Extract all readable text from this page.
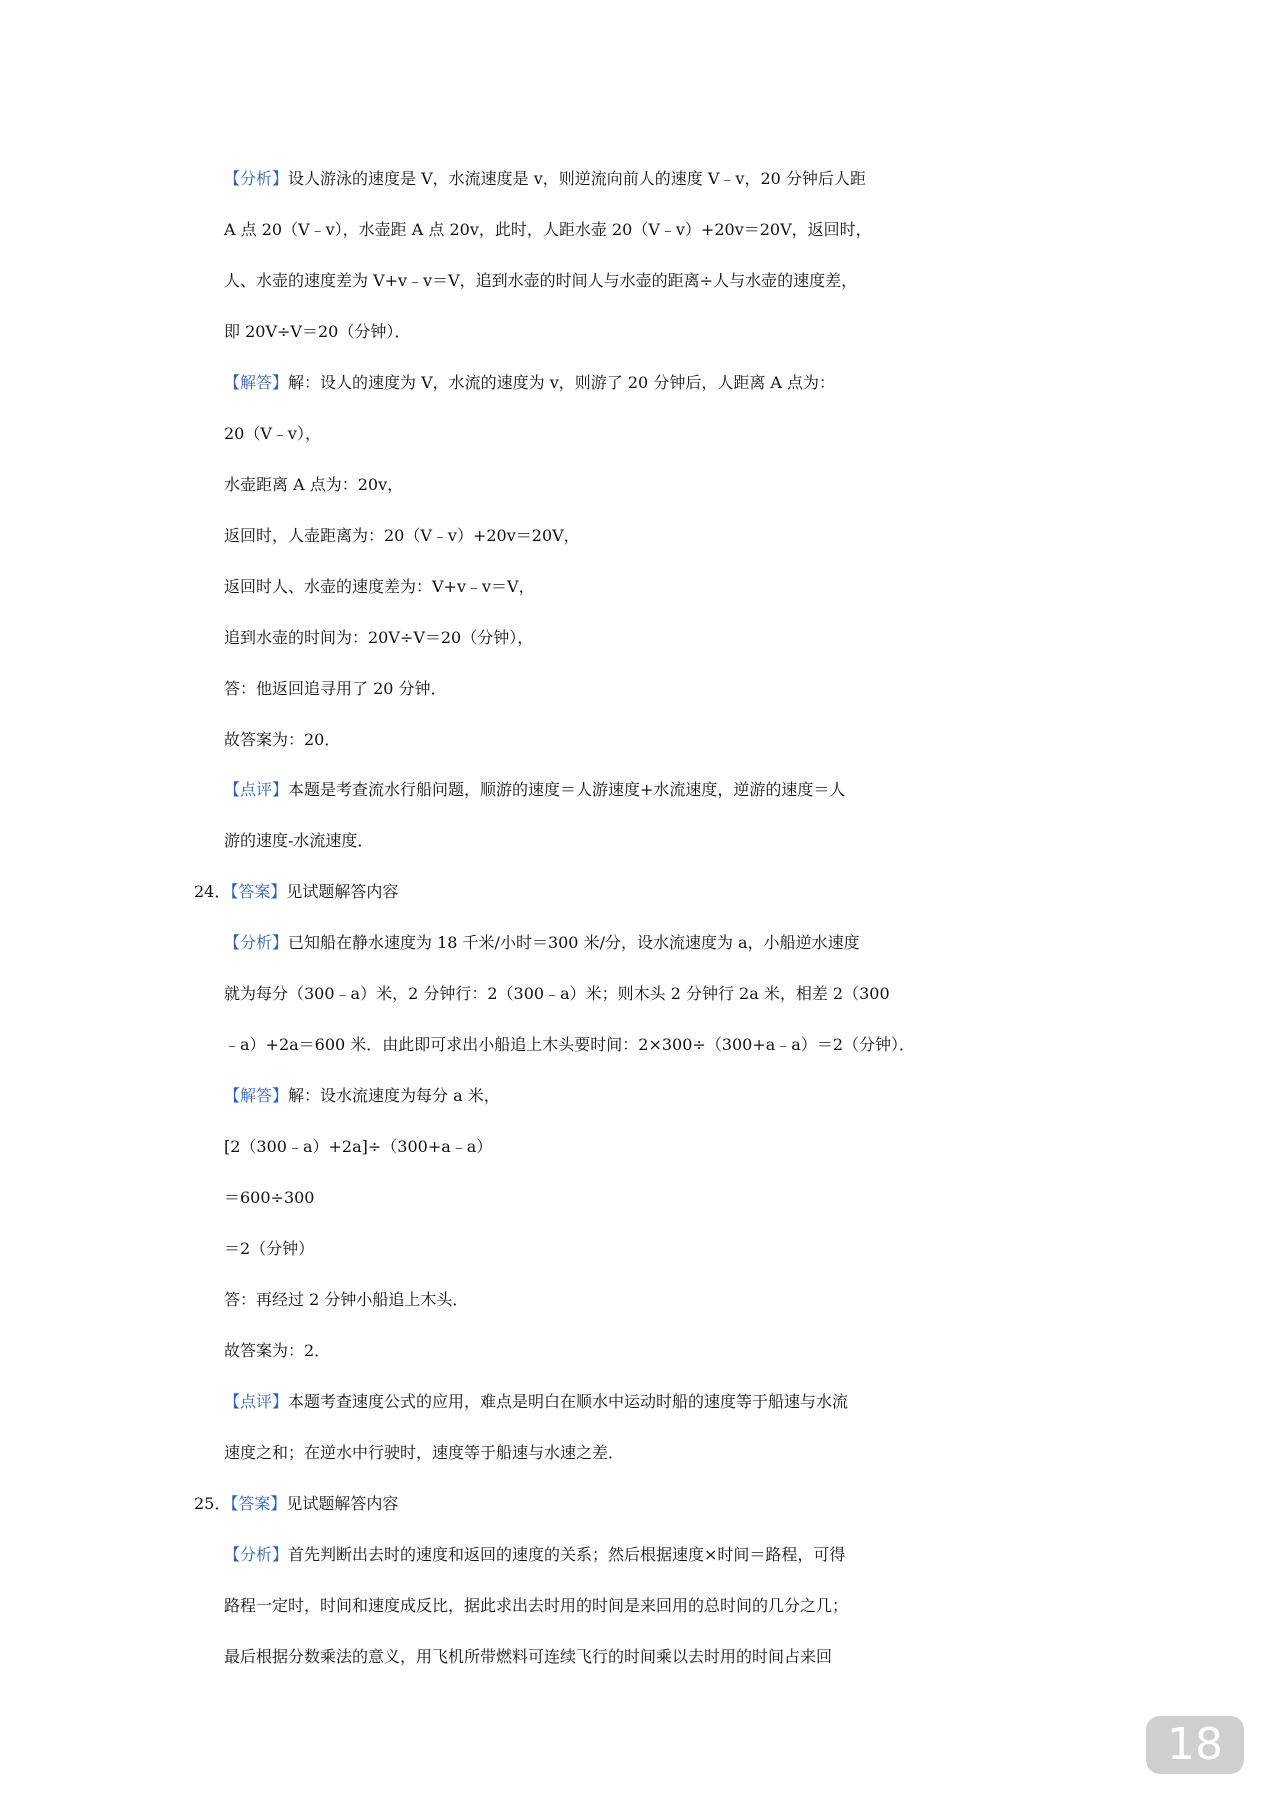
【分析】设人游泳的速度是 V，水流速度是 v，则逆流向前人的速度 V﹣v，20 分钟后人距

A 点 20（V﹣v），水壶距 A 点 20v，此时，人距水壶 20（V﹣v）+20v＝20V，返回时，

人、水壶的速度差为 V+v﹣v＝V，追到水壶的时间人与水壶的距离÷人与水壶的速度差，

即 20V÷V＝20（分钟）．

【解答】解：设人的速度为 V，水流的速度为 v，则游了 20 分钟后，人距离 A 点为：

20（V﹣v），

水壶距离 A 点为：20v，

返回时，人壶距离为：20（V﹣v）+20v＝20V，

返回时人、水壶的速度差为：V+v﹣v＝V，

追到水壶的时间为：20V÷V＝20（分钟），

答：他返回追寻用了 20 分钟．

故答案为：20．

【点评】本题是考查流水行船问题，顺游的速度＝人游速度+水流速度，逆游的速度＝人

游的速度-水流速度．

24．【答案】见试题解答内容

【分析】已知船在静水速度为 18 千米/小时＝300 米/分，设水流速度为 a，小船逆水速度

就为每分（300﹣a）米，2 分钟行：2（300﹣a）米；则木头 2 分钟行 2a 米，相差 2（300

﹣a）+2a＝600 米．由此即可求出小船追上木头要时间：2×300÷（300+a﹣a）＝2（分钟）．

【解答】解：设水流速度为每分 a 米，

[2（300﹣a）+2a]÷（300+a﹣a）

＝600÷300

＝2（分钟）

答：再经过 2 分钟小船追上木头．

故答案为：2．

【点评】本题考查速度公式的应用，难点是明白在顺水中运动时船的速度等于船速与水流

速度之和；在逆水中行驶时，速度等于船速与水速之差．

25．【答案】见试题解答内容

【分析】首先判断出去时的速度和返回的速度的关系；然后根据速度×时间＝路程，可得

路程一定时，时间和速度成反比，据此求出去时用的时间是来回用的总时间的几分之几；

最后根据分数乘法的意义，用飞机所带燃料可连续飞行的时间乘以去时用的时间占来回

18
